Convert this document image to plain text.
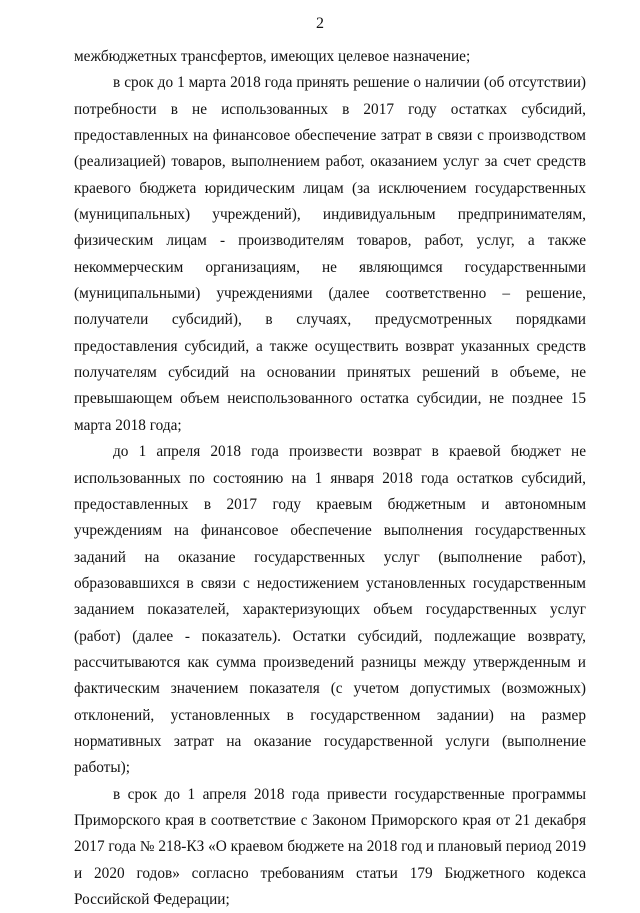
2

межбюджетных трансфертов, имеющих целевое назначение;

в срок до 1 марта 2018 года принять решение о наличии (об отсутствии) потребности в не использованных в 2017 году остатках субсидий, предоставленных на финансовое обеспечение затрат в связи с производством (реализацией) товаров, выполнением работ, оказанием услуг за счет средств краевого бюджета юридическим лицам (за исключением государственных (муниципальных) учреждений), индивидуальным предпринимателям, физическим лицам - производителям товаров, работ, услуг, а также некоммерческим организациям, не являющимся государственными (муниципальными) учреждениями (далее соответственно – решение, получатели субсидий), в случаях, предусмотренных порядками предоставления субсидий, а также осуществить возврат указанных средств получателям субсидий на основании принятых решений в объеме, не превышающем объем неиспользованного остатка субсидии, не позднее 15 марта 2018 года;

до 1 апреля 2018 года произвести возврат в краевой бюджет не использованных по состоянию на 1 января 2018 года остатков субсидий, предоставленных в 2017 году краевым бюджетным и автономным учреждениям на финансовое обеспечение выполнения государственных заданий на оказание государственных услуг (выполнение работ), образовавшихся в связи с недостижением установленных государственным заданием показателей, характеризующих объем государственных услуг (работ) (далее - показатель). Остатки субсидий, подлежащие возврату, рассчитываются как сумма произведений разницы между утвержденным и фактическим значением показателя (с учетом допустимых (возможных) отклонений, установленных в государственном задании) на размер нормативных затрат на оказание государственной услуги (выполнение работы);

в срок до 1 апреля 2018 года привести государственные программы Приморского края в соответствие с Законом Приморского края от 21 декабря 2017 года № 218-КЗ «О краевом бюджете на 2018 год и плановый период 2019 и 2020 годов» согласно требованиям статьи 179 Бюджетного кодекса Российской Федерации;
